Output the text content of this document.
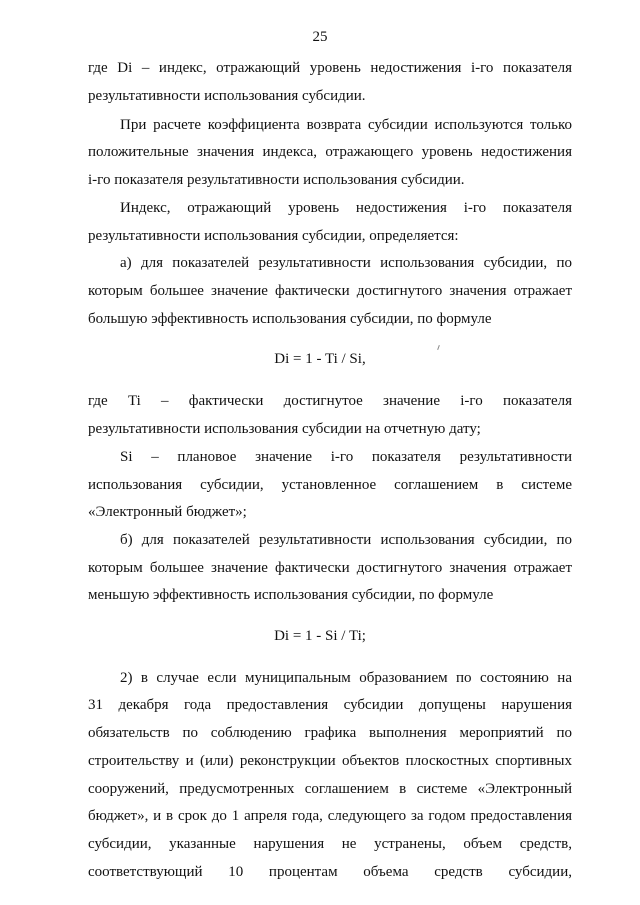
25
где Di – индекс, отражающий уровень недостижения i-го показателя
результативности использования субсидии.
При расчете коэффициента возврата субсидии используются только
положительные значения индекса, отражающего уровень недостижения
i-го показателя результативности использования субсидии.
Индекс, отражающий уровень недостижения i-го показателя
результативности использования субсидии, определяется:
а) для показателей результативности использования субсидии, по
которым большее значение фактически достигнутого значения отражает
большую эффективность использования субсидии, по формуле
Di = 1 - Ti / Si,
где Ti – фактически достигнутое значение i-го показателя
результативности использования субсидии на отчетную дату;
Si – плановое значение i-го показателя результативности
использования субсидии, установленное соглашением в системе
«Электронный бюджет»;
б) для показателей результативности использования субсидии, по
которым большее значение фактически достигнутого значения отражает
меньшую эффективность использования субсидии, по формуле
Di = 1 - Si / Ti;
2) в случае если муниципальным образованием по состоянию на
31 декабря года предоставления субсидии допущены нарушения
обязательств по соблюдению графика выполнения мероприятий по
строительству и (или) реконструкции объектов плоскостных спортивных
сооружений, предусмотренных соглашением в системе «Электронный
бюджет», и в срок до 1 апреля года, следующего за годом предоставления
субсидии, указанные нарушения не устранены, объем средств,
соответствующий 10 процентам объема средств субсидии,
